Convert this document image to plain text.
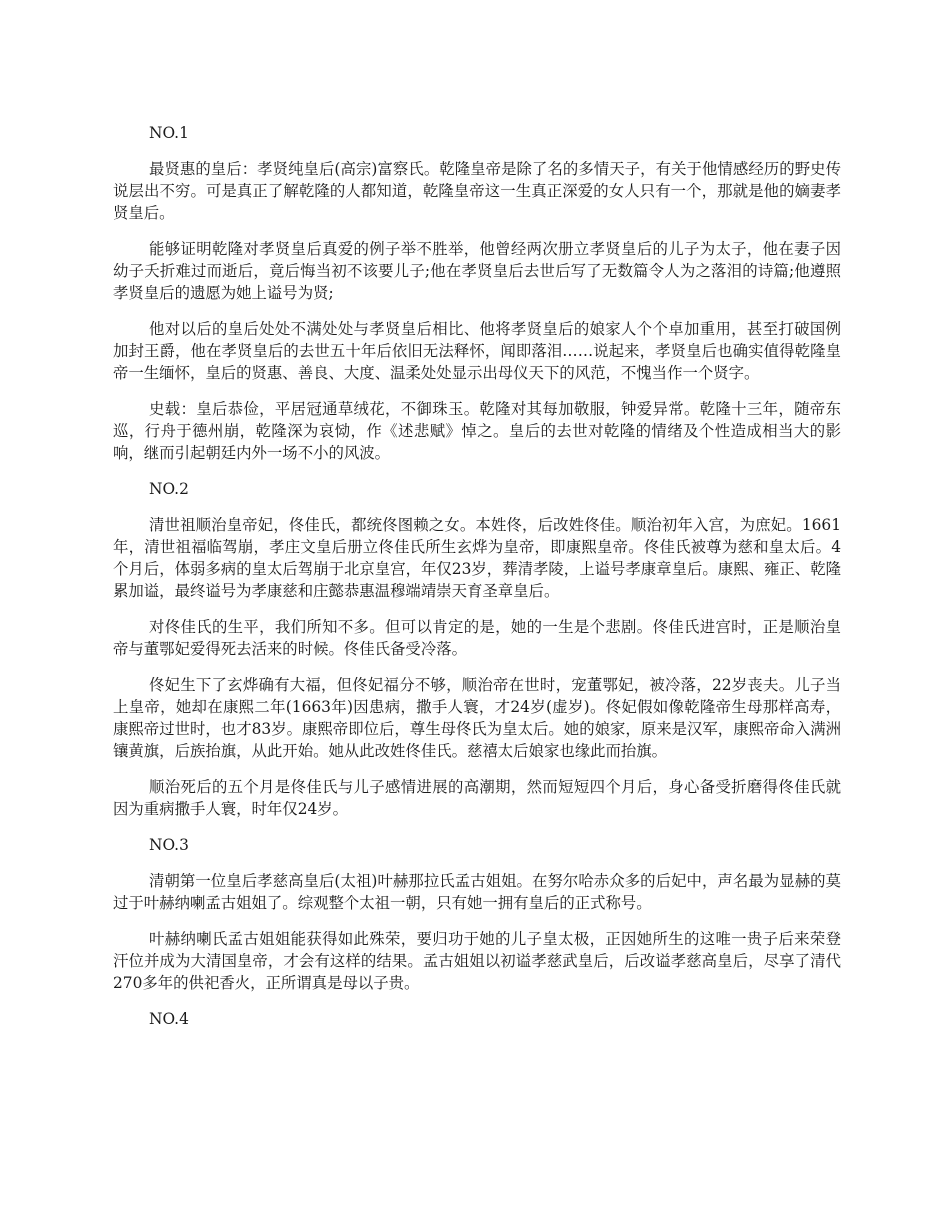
NO.1

最贤惠的皇后：孝贤纯皇后(高宗)富察氏。乾隆皇帝是除了名的多情天子，有关于他情感经历的野史传说层出不穷。可是真正了解乾隆的人都知道，乾隆皇帝这一生真正深爱的女人只有一个，那就是他的嫡妻孝贤皇后。

能够证明乾隆对孝贤皇后真爱的例子举不胜举，他曾经两次册立孝贤皇后的儿子为太子，他在妻子因幼子夭折难过而逝后，竟后悔当初不该要儿子;他在孝贤皇后去世后写了无数篇令人为之落泪的诗篇;他遵照孝贤皇后的遗愿为她上谥号为贤;

他对以后的皇后处处不满处处与孝贤皇后相比、他将孝贤皇后的娘家人个个卓加重用，甚至打破国例加封王爵，他在孝贤皇后的去世五十年后依旧无法释怀，闻即落泪……说起来，孝贤皇后也确实值得乾隆皇帝一生缅怀，皇后的贤惠、善良、大度、温柔处处显示出母仪天下的风范，不愧当作一个贤字。

史载：皇后恭俭，平居冠通草绒花，不御珠玉。乾隆对其每加敬服，钟爱异常。乾隆十三年，随帝东巡，行舟于德州崩，乾隆深为哀恸，作《述悲赋》悼之。皇后的去世对乾隆的情绪及个性造成相当大的影响，继而引起朝廷内外一场不小的风波。

NO.2

清世祖顺治皇帝妃，佟佳氏，都统佟图赖之女。本姓佟，后改姓佟佳。顺治初年入宫，为庶妃。1661年，清世祖福临驾崩，孝庄文皇后册立佟佳氏所生玄烨为皇帝，即康熙皇帝。佟佳氏被尊为慈和皇太后。4个月后，体弱多病的皇太后驾崩于北京皇宫，年仅23岁，葬清孝陵，上谥号孝康章皇后。康熙、雍正、乾隆累加谥，最终谥号为孝康慈和庄懿恭惠温穆端靖崇天育圣章皇后。

对佟佳氏的生平，我们所知不多。但可以肯定的是，她的一生是个悲剧。佟佳氏进宫时，正是顺治皇帝与董鄂妃爱得死去活来的时候。佟佳氏备受冷落。

佟妃生下了玄烨确有大福，但佟妃福分不够，顺治帝在世时，宠董鄂妃，被冷落，22岁丧夫。儿子当上皇帝，她却在康熙二年(1663年)因患病，撒手人寰，才24岁(虚岁)。佟妃假如像乾隆帝生母那样高寿，康熙帝过世时，也才83岁。康熙帝即位后，尊生母佟氏为皇太后。她的娘家，原来是汉军，康熙帝命入满洲镶黄旗，后族抬旗，从此开始。她从此改姓佟佳氏。慈禧太后娘家也缘此而抬旗。

顺治死后的五个月是佟佳氏与儿子感情进展的高潮期，然而短短四个月后，身心备受折磨得佟佳氏就因为重病撒手人寰，时年仅24岁。

NO.3

清朝第一位皇后孝慈高皇后(太祖)叶赫那拉氏孟古姐姐。在努尔哈赤众多的后妃中，声名最为显赫的莫过于叶赫纳喇孟古姐姐了。综观整个太祖一朝，只有她一拥有皇后的正式称号。

叶赫纳喇氏孟古姐姐能获得如此殊荣，要归功于她的儿子皇太极，正因她所生的这唯一贵子后来荣登汗位并成为大清国皇帝，才会有这样的结果。孟古姐姐以初谥孝慈武皇后，后改谥孝慈高皇后，尽享了清代270多年的供祀香火，正所谓真是母以子贵。

NO.4
